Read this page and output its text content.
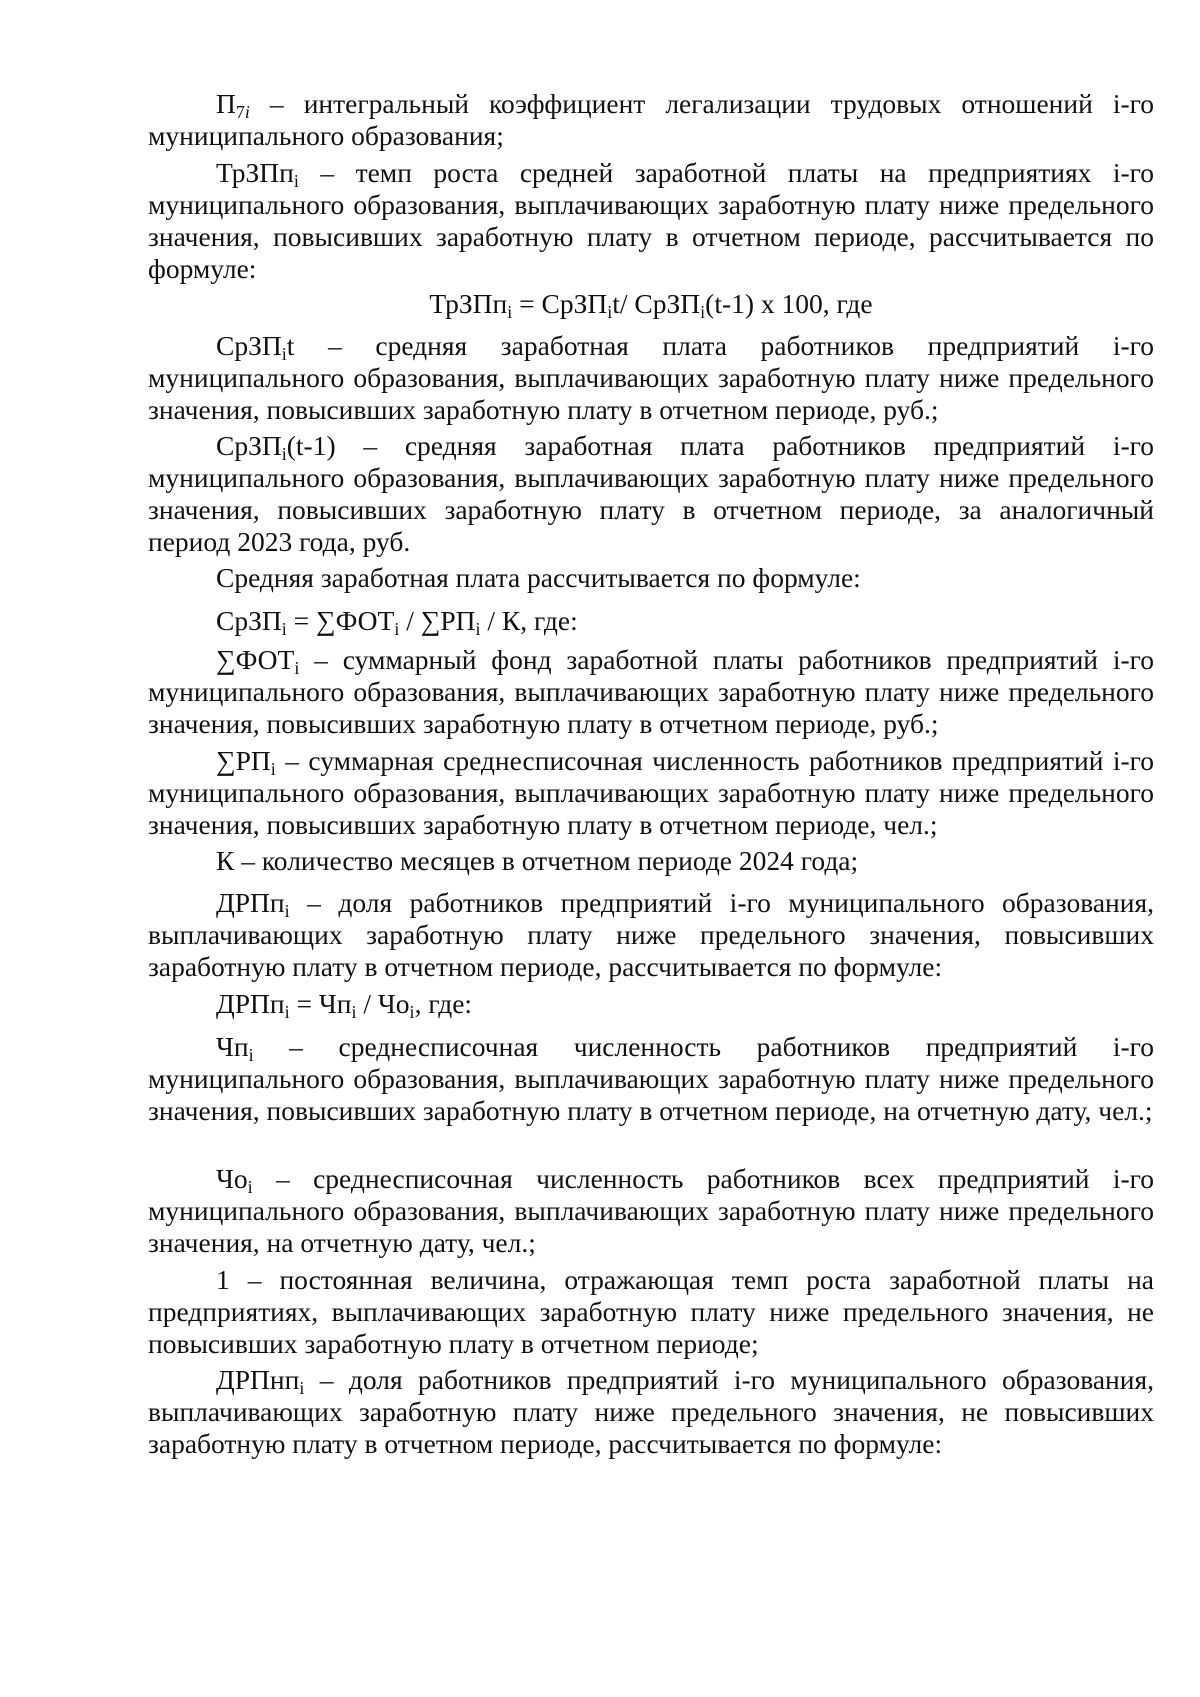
$П_{7i}$ – интегральный коэффициент легализации трудовых отношений i-го муниципального образования;

ТрЗПп$_i$ – темп роста средней заработной платы на предприятиях i-го муниципального образования, выплачивающих заработную плату ниже предельного значения, повысивших заработную плату в отчетном периоде, рассчитывается по формуле:

ТрЗПп$_i$ = СрЗП$_i$t/ СрЗП$_i$(t-1) х 100, где

СрЗП$_i$t – средняя заработная плата работников предприятий i-го муниципального образования, выплачивающих заработную плату ниже предельного значения, повысивших заработную плату в отчетном периоде, руб.;

СрЗП$_i$(t-1) – средняя заработная плата работников предприятий i-го муниципального образования, выплачивающих заработную плату ниже предельного значения, повысивших заработную плату в отчетном периоде, за аналогичный период 2023 года, руб.

Средняя заработная плата рассчитывается по формуле:

СрЗП$_i$ = $\sum ФОТ_i / \sum РП_i$ / К, где:

$\sum ФОТ_i$ – суммарный фонд заработной платы работников предприятий i-го муниципального образования, выплачивающих заработную плату ниже предельного значения, повысивших заработную плату в отчетном периоде, руб.;

$\sum РП_i$ – суммарная среднесписочная численность работников предприятий i-го муниципального образования, выплачивающих заработную плату ниже предельного значения, повысивших заработную плату в отчетном периоде, чел.;

К – количество месяцев в отчетном периоде 2024 года;

ДРПп$_i$ – доля работников предприятий i-го муниципального образования, выплачивающих заработную плату ниже предельного значения, повысивших заработную плату в отчетном периоде, рассчитывается по формуле:

ДРПп$_i$ = $Чп_i / Чо_i$, где:

$Чп_i$ – среднесписочная численность работников предприятий i-го муниципального образования, выплачивающих заработную плату ниже предельного значения, повысивших заработную плату в отчетном периоде, на отчетную дату, чел.;

$Чо_i$ – среднесписочная численность работников всех предприятий i-го муниципального образования, выплачивающих заработную плату ниже предельного значения, на отчетную дату, чел.;

1 – постоянная величина, отражающая темп роста заработной платы на предприятиях, выплачивающих заработную плату ниже предельного значения, не повысивших заработную плату в отчетном периоде;

ДРПнп$_i$ – доля работников предприятий i-го муниципального образования, выплачивающих заработную плату ниже предельного значения, не повысивших заработную плату в отчетном периоде, рассчитывается по формуле:
